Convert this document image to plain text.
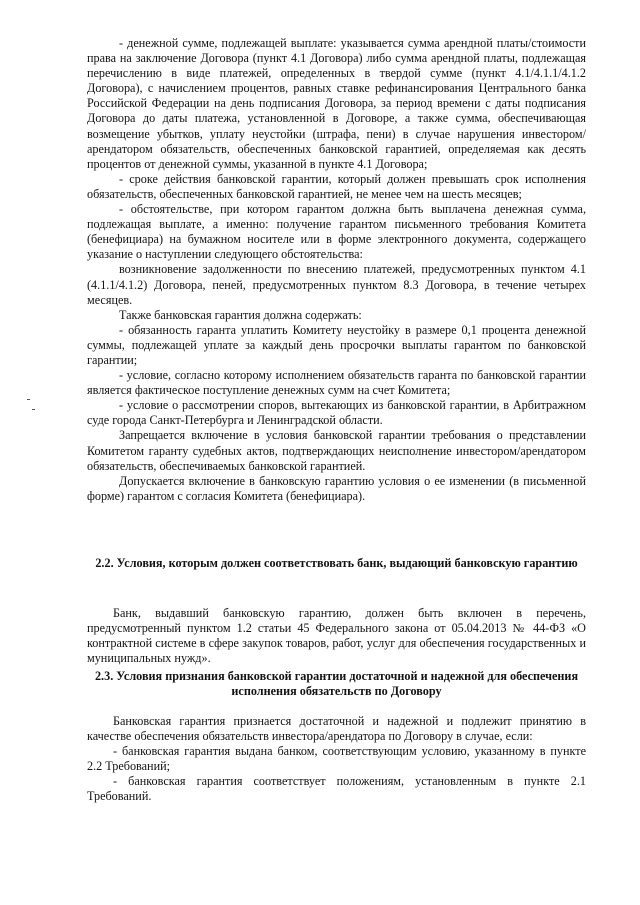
- денежной сумме, подлежащей выплате: указывается сумма арендной платы/стоимости права на заключение Договора (пункт 4.1 Договора) либо сумма арендной платы, подлежащая перечислению в виде платежей, определенных в твердой сумме (пункт 4.1/4.1.1/4.1.2 Договора), с начислением процентов, равных ставке рефинансирования Центрального банка Российской Федерации на день подписания Договора, за период времени с даты подписания Договора до даты платежа, установленной в Договоре, а также сумма, обеспечивающая возмещение убытков, уплату неустойки (штрафа, пени) в случае нарушения инвестором/арендатором обязательств, обеспеченных банковской гарантией, определяемая как десять процентов от денежной суммы, указанной в пункте 4.1 Договора;

- сроке действия банковской гарантии, который должен превышать срок исполнения обязательств, обеспеченных банковской гарантией, не менее чем на шесть месяцев;

- обстоятельстве, при котором гарантом должна быть выплачена денежная сумма, подлежащая выплате, а именно: получение гарантом письменного требования Комитета (бенефициара) на бумажном носителе или в форме электронного документа, содержащего указание о наступлении следующего обстоятельства:

возникновение задолженности по внесению платежей, предусмотренных пунктом 4.1 (4.1.1/4.1.2) Договора, пеней, предусмотренных пунктом 8.3 Договора, в течение четырех месяцев.

Также банковская гарантия должна содержать:

- обязанность гаранта уплатить Комитету неустойку в размере 0,1 процента денежной суммы, подлежащей уплате за каждый день просрочки выплаты гарантом по банковской гарантии;

- условие, согласно которому исполнением обязательств гаранта по банковской гарантии является фактическое поступление денежных сумм на счет Комитета;

- условие о рассмотрении споров, вытекающих из банковской гарантии, в Арбитражном суде города Санкт-Петербурга и Ленинградской области.

Запрещается включение в условия банковской гарантии требования о представлении Комитетом гаранту судебных актов, подтверждающих неисполнение инвестором/арендатором обязательств, обеспечиваемых банковской гарантией.

Допускается включение в банковскую гарантию условия о ее изменении (в письменной форме) гарантом с согласия Комитета (бенефициара).

2.2. Условия, которым должен соответствовать банк, выдающий банковскую гарантию

Банк, выдавший банковскую гарантию, должен быть включен в перечень, предусмотренный пунктом 1.2 статьи 45 Федерального закона от 05.04.2013 № 44-ФЗ «О контрактной системе в сфере закупок товаров, работ, услуг для обеспечения государственных и муниципальных нужд».

2.3. Условия признания банковской гарантии достаточной и надежной для обеспечения исполнения обязательств по Договору

Банковская гарантия признается достаточной и надежной и подлежит принятию в качестве обеспечения обязательств инвестора/арендатора по Договору в случае, если:

- банковская гарантия выдана банком, соответствующим условию, указанному в пункте 2.2 Требований;

- банковская гарантия соответствует положениям, установленным в пункте 2.1 Требований.
